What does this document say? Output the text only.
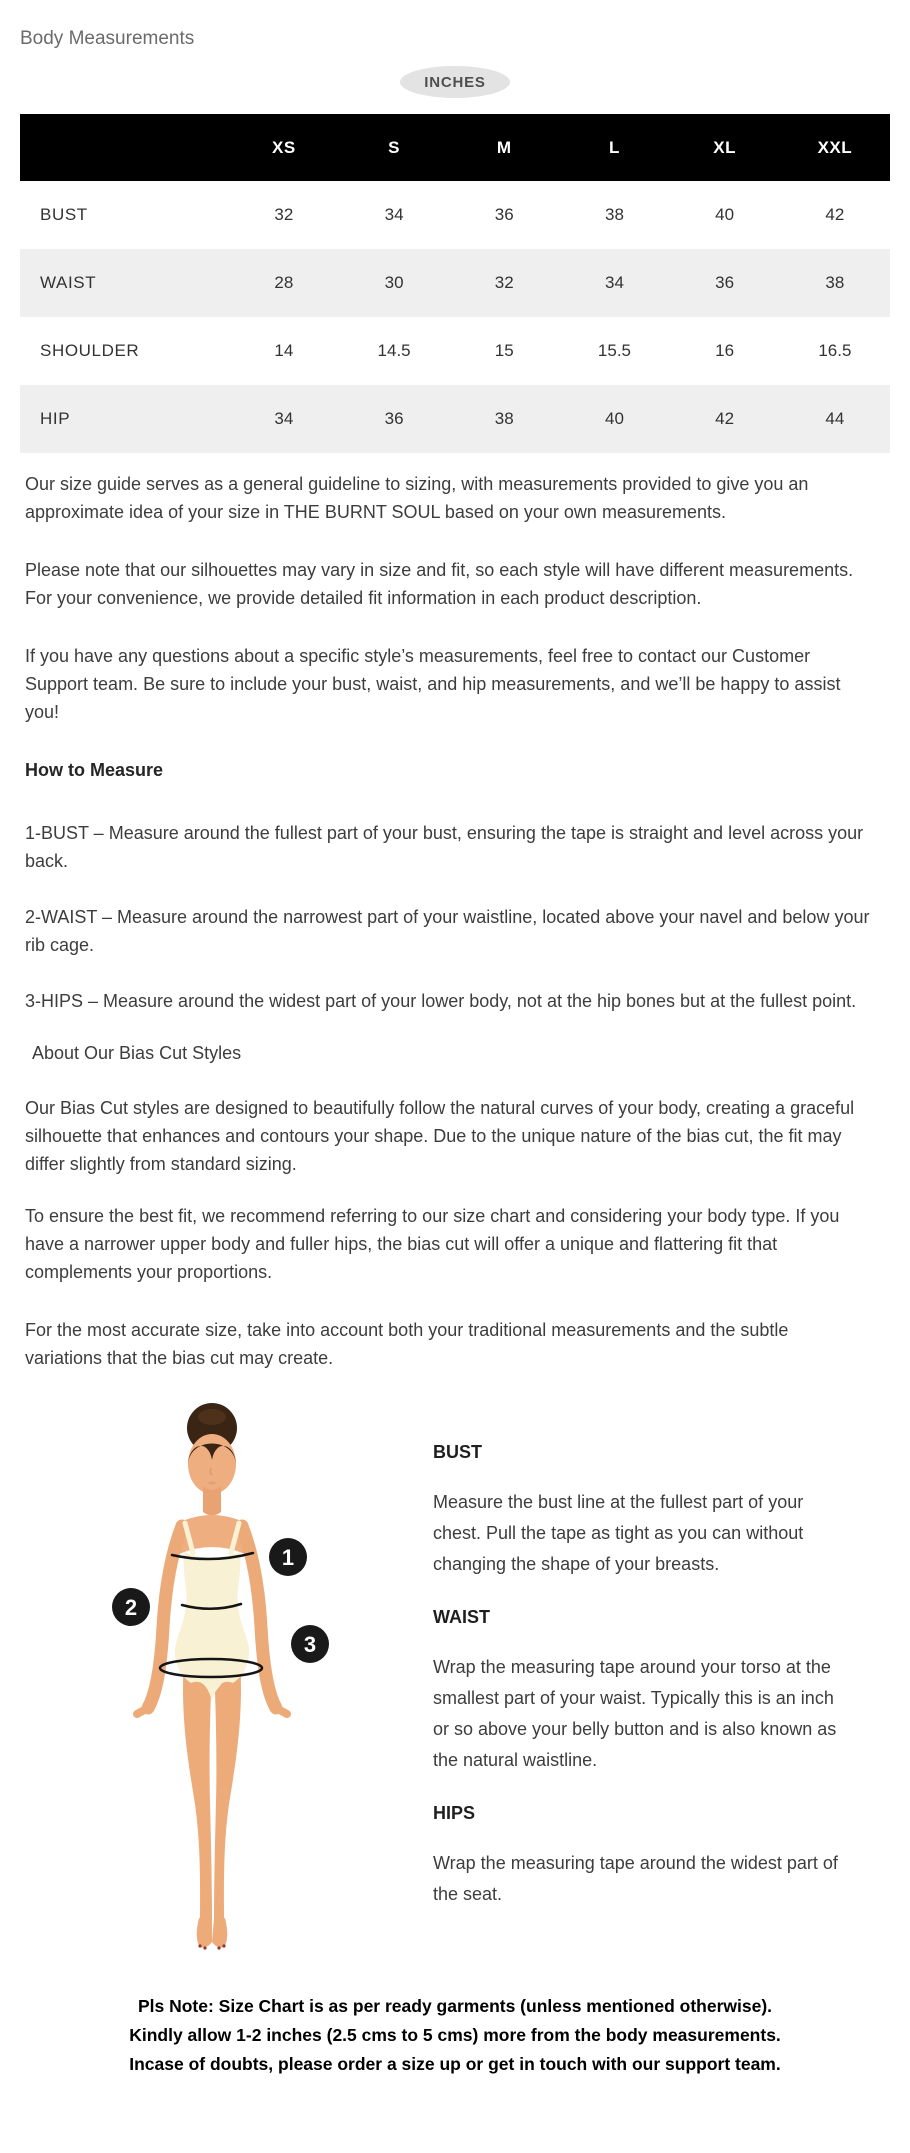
Body Measurements
INCHES
	XS	S	M	L	XL	XXL
BUST	32	34	36	38	40	42
WAIST	28	30	32	34	36	38
SHOULDER	14	14.5	15	15.5	16	16.5
HIP	34	36	38	40	42	44

Our size guide serves as a general guideline to sizing, with measurements provided to give you an approximate idea of your size in THE BURNT SOUL based on your own measurements.

Please note that our silhouettes may vary in size and fit, so each style will have different measurements. For your convenience, we provide detailed fit information in each product description.

If you have any questions about a specific style’s measurements, feel free to contact our Customer Support team. Be sure to include your bust, waist, and hip measurements, and we’ll be happy to assist you!

How to Measure

1-BUST – Measure around the fullest part of your bust, ensuring the tape is straight and level across your back.

2-WAIST – Measure around the narrowest part of your waistline, located above your navel and below your rib cage.

3-HIPS – Measure around the widest part of your lower body, not at the hip bones but at the fullest point.

About Our Bias Cut Styles

Our Bias Cut styles are designed to beautifully follow the natural curves of your body, creating a graceful silhouette that enhances and contours your shape. Due to the unique nature of the bias cut, the fit may differ slightly from standard sizing.

To ensure the best fit, we recommend referring to our size chart and considering your body type. If you have a narrower upper body and fuller hips, the bias cut will offer a unique and flattering fit that complements your proportions.

For the most accurate size, take into account both your traditional measurements and the subtle variations that the bias cut may create.

1
2
3
BUST

Measure the bust line at the fullest part of your chest. Pull the tape as tight as you can without changing the shape of your breasts.

WAIST

Wrap the measuring tape around your torso at the smallest part of your waist. Typically this is an inch or so above your belly button and is also known as the natural waistline.

HIPS

Wrap the measuring tape around the widest part of the seat.

Pls Note: Size Chart is as per ready garments (unless mentioned otherwise).
Kindly allow 1-2 inches (2.5 cms to 5 cms) more from the body measurements.
Incase of doubts, please order a size up or get in touch with our support team.
